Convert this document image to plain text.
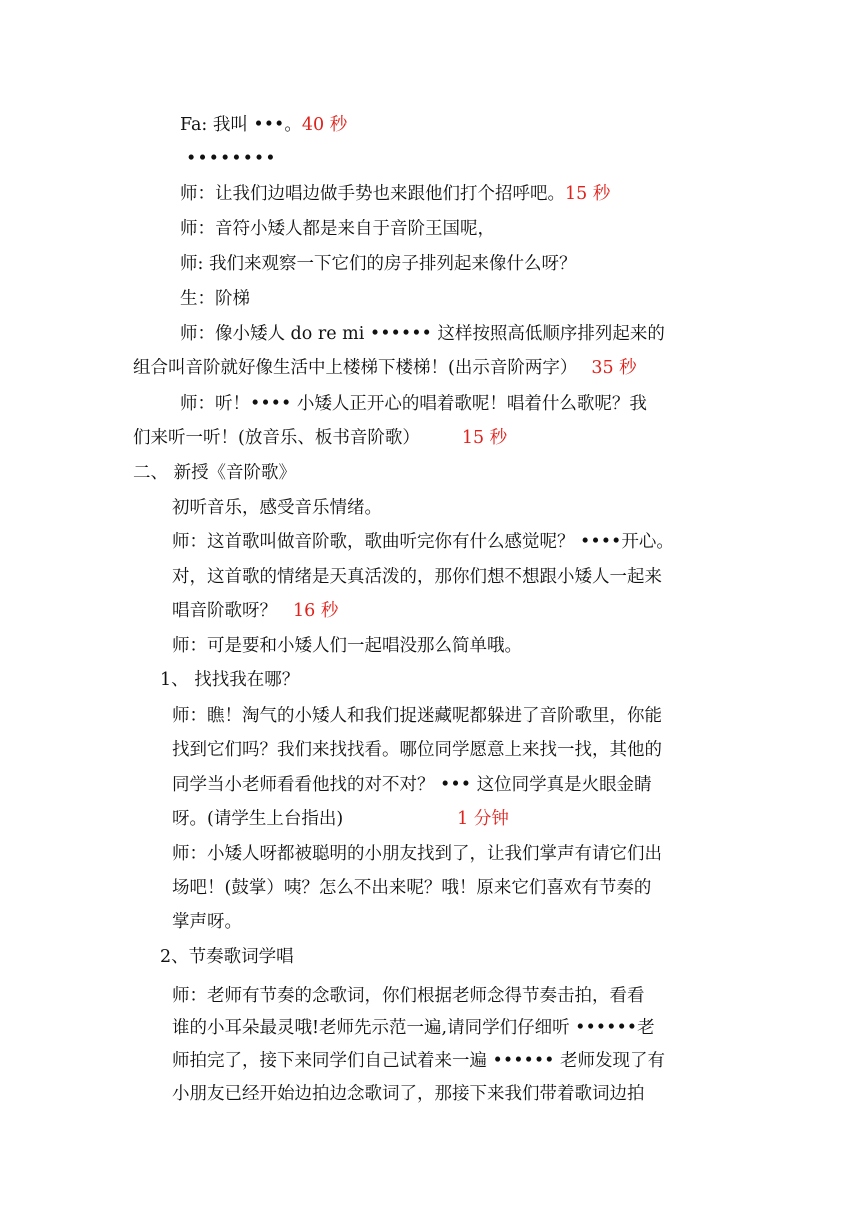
Fa: 我叫 •••。40 秒
••••••••
师：让我们边唱边做手势也来跟他们打个招呼吧。15 秒
师：音符小矮人都是来自于音阶王国呢，
师: 我们来观察一下它们的房子排列起来像什么呀？
生：阶梯
师：像小矮人 do re mi •••••• 这样按照高低顺序排列起来的
组合叫音阶就好像生活中上楼梯下楼梯！(出示音阶两字） 35 秒
师：听！•••• 小矮人正开心的唱着歌呢！唱着什么歌呢？我
们来听一听！(放音乐、板书音阶歌） 15 秒
二、 新授《音阶歌》
初听音乐，感受音乐情绪。
师：这首歌叫做音阶歌，歌曲听完你有什么感觉呢？ ••••开心。
对，这首歌的情绪是天真活泼的，那你们想不想跟小矮人一起来
唱音阶歌呀？ 16 秒
师：可是要和小矮人们一起唱没那么简单哦。
1、 找找我在哪？
师：瞧！淘气的小矮人和我们捉迷藏呢都躲进了音阶歌里，你能
找到它们吗？我们来找找看。哪位同学愿意上来找一找，其他的
同学当小老师看看他找的对不对？ ••• 这位同学真是火眼金睛
呀。(请学生上台指出)	1 分钟
师：小矮人呀都被聪明的小朋友找到了，让我们掌声有请它们出
场吧！(鼓掌）咦？怎么不出来呢？哦！原来它们喜欢有节奏的
掌声呀。
2、节奏歌词学唱
师：老师有节奏的念歌词，你们根据老师念得节奏击拍，看看
谁的小耳朵最灵哦!老师先示范一遍,请同学们仔细听 ••••••老
师拍完了，接下来同学们自己试着来一遍 •••••• 老师发现了有
小朋友已经开始边拍边念歌词了，那接下来我们带着歌词边拍
